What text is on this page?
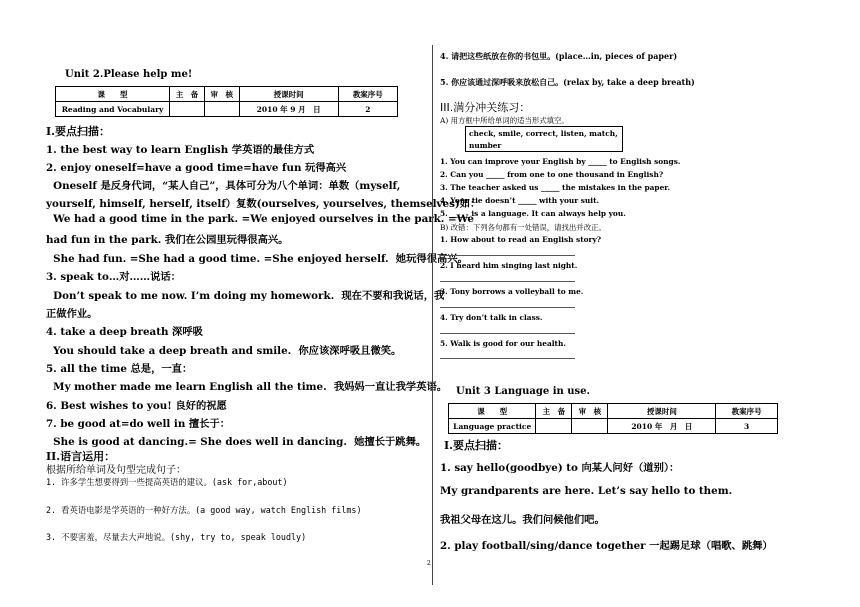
Unit 2.Please help me!
课　　型	主　备	审　核	授课时间	教案序号
Reading and Vocabulary			2010 年 9 月　日	2
I.要点扫描：
1. the best way to learn English 学英语的最佳方式
2. enjoy oneself=have a good time=have fun 玩得高兴
Oneself 是反身代词，“某人自己”，具体可分为八个单词：单数（myself,
yourself, himself, herself, itself）复数(ourselves, yourselves, themselves)如：
We had a good time in the park. =We enjoyed ourselves in the park. =We
had fun in the park. 我们在公园里玩得很高兴。
She had fun. =She had a good time. =She enjoyed herself.  她玩得很高兴。
3. speak to…对……说话：
Don’t speak to me now. I’m doing my homework.  现在不要和我说话，我
正做作业。
4. take a deep breath 深呼吸
You should take a deep breath and smile.  你应该深呼吸且微笑。
5. all the time 总是，一直：
My mother made me learn English all the time.  我妈妈一直让我学英语。
6. Best wishes to you! 良好的祝愿
7. be good at=do well in 擅长于：
She is good at dancing.= She does well in dancing.  她擅长于跳舞。
II.语言运用：
根据所给单词及句型完成句子：
1. 许多学生想要得到一些提高英语的建议。(ask for,about)
2. 看英语电影是学英语的一种好方法。(a good way, watch English films)
3. 不要害羞，尽量去大声地说。(shy, try to, speak loudly)
4. 请把这些纸放在你的书包里。(place…in, pieces of paper)
5. 你应该通过深呼吸来放松自己。(relax by, take a deep breath)
III.满分冲关练习：
A) 用方框中所给单词的适当形式填空。
check, smile, correct, listen, match, number
1. You can improve your English by _____ to English songs.
2. Can you _____ from one to one thousand in English?
3. The teacher asked us _____ the mistakes in the paper.
4. Your tie doesn’t _____ with your suit.
5. _____ is a language. It can always help you.
B) 改错：下列各句都有一处错误，请找出并改正。
1. How about to read an English story?
2. I heard him singing last night.
3. Tony borrows a volleyball to me.
4. Try don’t talk in class.
5. Walk is good for our health.
Unit 3 Language in use.
课　　型	主　备	审　核	授课时间	教案序号
Language practice			2010 年　月　日	3
I.要点扫描：
1. say hello(goodbye) to 向某人问好（道别）：
My grandparents are here. Let’s say hello to them.
我祖父母在这儿。我们问候他们吧。
2. play football/sing/dance together 一起踢足球（唱歌、跳舞）
2
